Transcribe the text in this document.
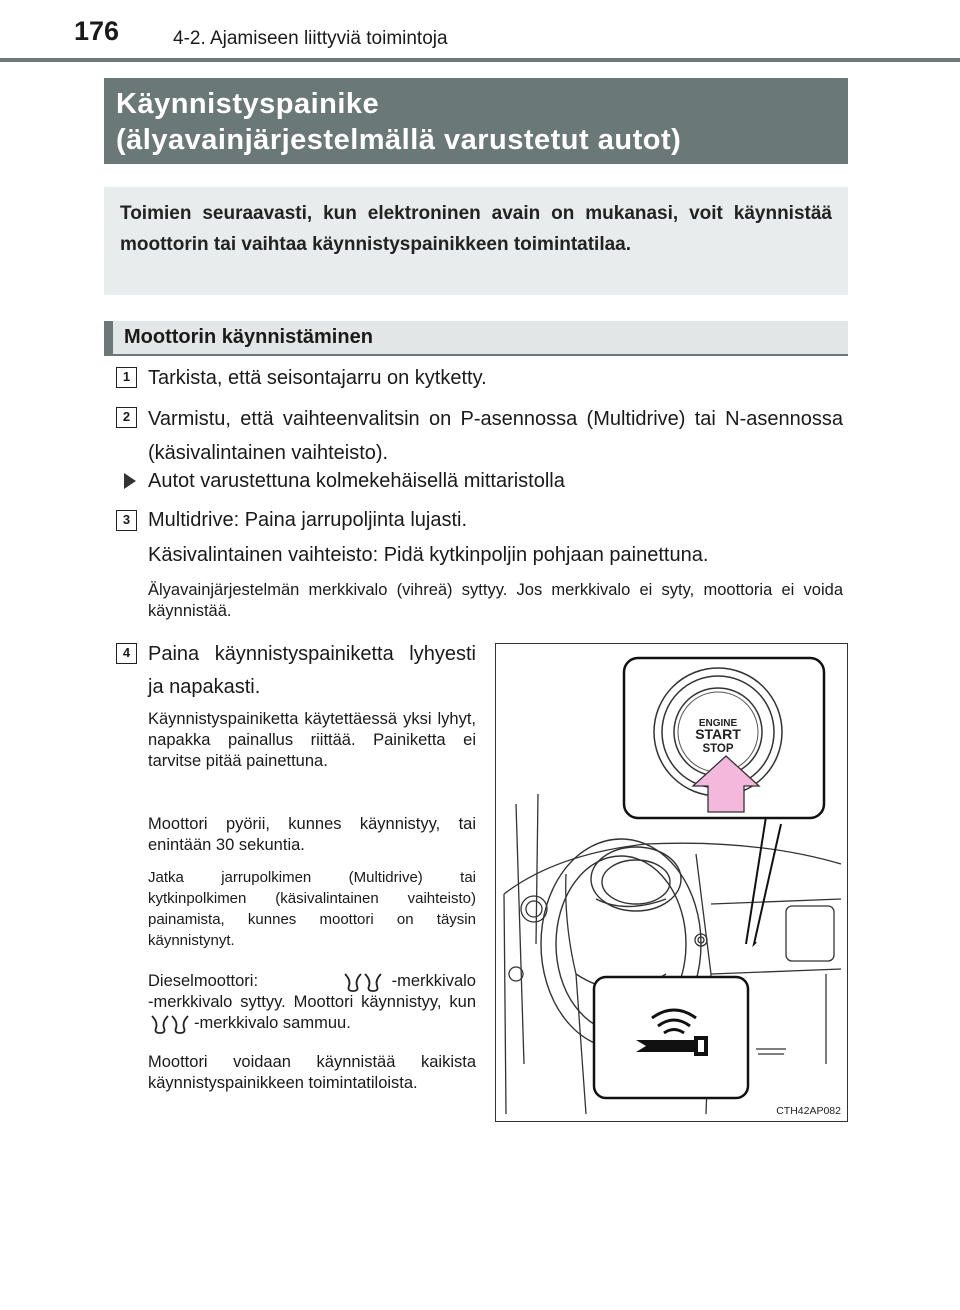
176	4-2. Ajamiseen liittyviä toimintoja
Käynnistyspainike
(älyavainjärjestelmällä varustetut autot)
Toimien seuraavasti, kun elektroninen avain on mukanasi, voit käynnistää moottorin tai vaihtaa käynnistyspainikkeen toimintatilaa.
Moottorin käynnistäminen
1 Tarkista, että seisontajarru on kytketty.
2 Varmistu, että vaihteenvalitsin on P-asennossa (Multidrive) tai N-asennossa (käsivalintainen vaihteisto).
Autot varustettuna kolmekehäisellä mittaristolla
3 Multidrive: Paina jarrupoljinta lujasti.
Käsivalintainen vaihteisto: Pidä kytkinpoljin pohjaan painettuna.
Älyavainjärjestelmän merkkivalo (vihreä) syttyy. Jos merkkivalo ei syty, moottoria ei voida käynnistää.
4 Paina käynnistyspainiketta lyhyesti ja napakasti.
Käynnistyspainiketta käytettäessä yksi lyhyt, napakka painallus riittää. Painiketta ei tarvitse pitää painettuna.
Moottori pyörii, kunnes käynnistyy, tai enintään 30 sekuntia.
Jatka jarrupolkimen (Multidrive) tai kytkinpolkimen (käsivalintainen vaihteisto) painamista, kunnes moottori on täysin käynnistynyt.
Dieselmoottori:	-merkkivalo
-merkkivalo syttyy. Moottori käynnistyy, kun
-merkkivalo sammuu.
Moottori voidaan käynnistää kaikista käynnistyspainikkeen toimintatiloista.
ENGINE
START
STOP
CTH42AP082
